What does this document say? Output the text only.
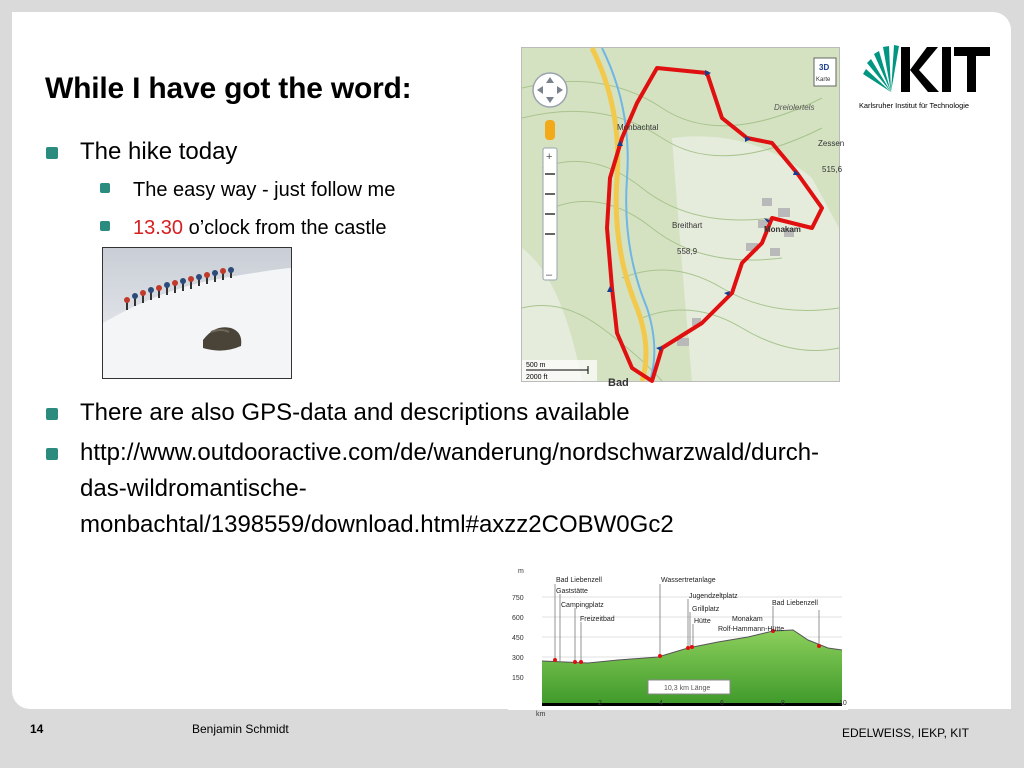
While I have got the word:
Karlsruher Institut für Technologie
The hike today
The easy way - just follow me
13.30 o’clock from the castle
+
–
3D
Karte
Monbachtal
Breithart
558,9
Monakam
Zessen
515,6
Dreiolertels
Bad
500 m
2000 ft
There are also GPS-data and descriptions available
http://www.outdooractive.com/de/wanderung/nordschwarzwald/durch-
das-wildromantische-
monbachtal/1398559/download.html#axzz2COBW0Gc2
m
750
600
450
300
150
10,3 km Länge
Bad Liebenzell
Gaststätte
Campingplatz
Freizeitbad
Wassertretanlage
Jugendzeltplatz
Grillplatz
Hütte	Monakam
Rolf-Hammann-Hütte
Bad Liebenzell
km
2	4	6	8	10
14	Benjamin Schmidt	EDELWEISS, IEKP, KIT
